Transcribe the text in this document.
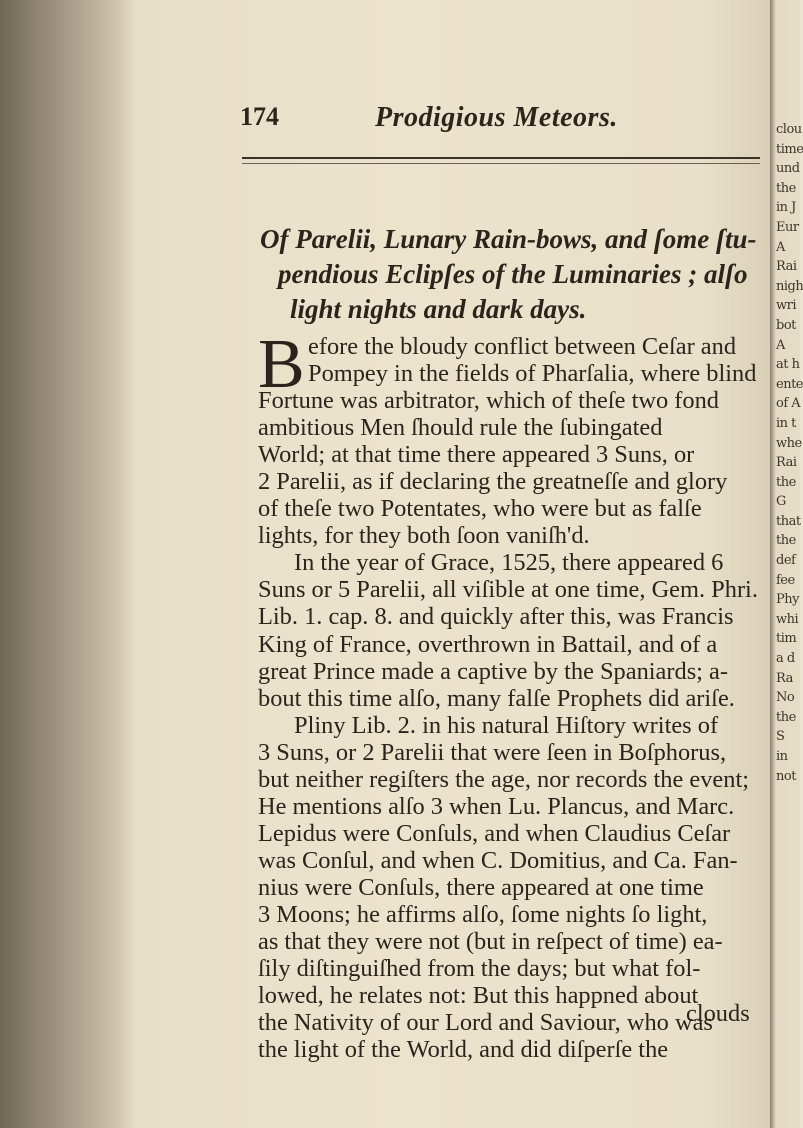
clou
time
und
the
in J
Eur
A
Rai
nigh
wri
bot
A
at h
ente
of A
in t
whe
Rai
the
G
that
the
def
fee
Phy
whi
tim
a d
Ra
No
the
S
in
not
174	Prodigious Meteors.
Of Parelii, Lunary Rain-bows, and ſome ſtu-
pendious Eclipſes of the Luminaries ; alſo
light nights and dark days.
B efore the bloudy conflict between Ceſar and
Pompey in the fields of Pharſalia, where blind
Fortune was arbitrator, which of theſe two fond
ambitious Men ſhould rule the ſubingated
World; at that time there appeared 3 Suns, or
2 Parelii, as if declaring the greatneſſe and glory
of theſe two Potentates, who were but as falſe
lights, for they both ſoon vaniſh'd.
In the year of Grace, 1525, there appeared 6
Suns or 5 Parelii, all viſible at one time, Gem. Phri.
Lib. 1. cap. 8. and quickly after this, was Francis
King of France, overthrown in Battail, and of a
great Prince made a captive by the Spaniards; a-
bout this time alſo, many falſe Prophets did ariſe.
Pliny Lib. 2. in his natural Hiſtory writes of
3 Suns, or 2 Parelii that were ſeen in Boſphorus,
but neither regiſters the age, nor records the event;
He mentions alſo 3 when Lu. Plancus, and Marc.
Lepidus were Conſuls, and when Claudius Ceſar
was Conſul, and when C. Domitius, and Ca. Fan-
nius were Conſuls, there appeared at one time
3 Moons; he affirms alſo, ſome nights ſo light,
as that they were not (but in reſpect of time) ea-
ſily diſtinguiſhed from the days; but what fol-
lowed, he relates not: But this happned about
the Nativity of our Lord and Saviour, who was
the light of the World, and did diſperſe the
clouds
